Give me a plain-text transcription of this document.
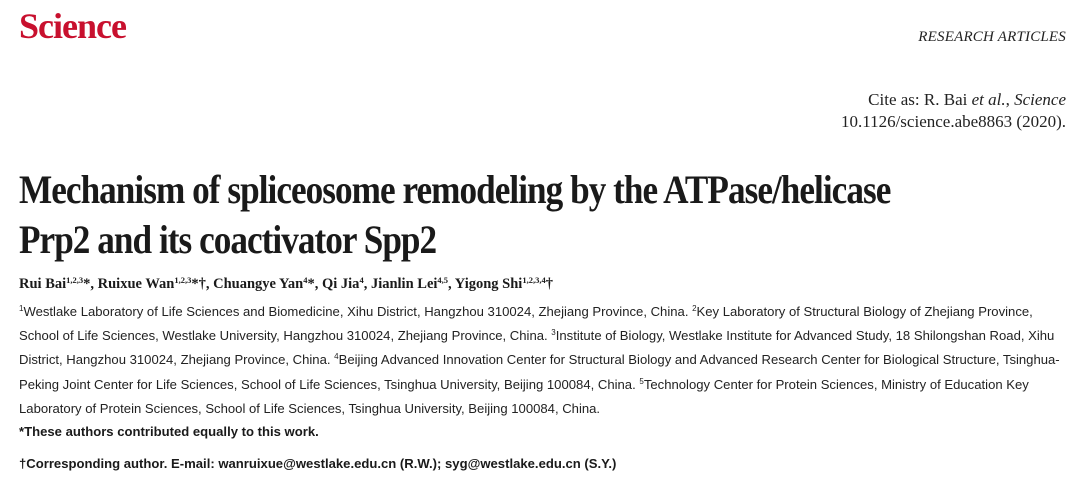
Science	RESEARCH ARTICLES
Cite as: R. Bai et al., Science
10.1126/science.abe8863 (2020).
Mechanism of spliceosome remodeling by the ATPase/helicase Prp2 and its coactivator Spp2
Rui Bai$^{1,2,3}$*, Ruixue Wan$^{1,2,3}$*†, Chuangye Yan$^4$*, Qi Jia$^4$, Jianlin Lei$^{4,5}$, Yigong Shi$^{1,2,3,4}$†
$^1$Westlake Laboratory of Life Sciences and Biomedicine, Xihu District, Hangzhou 310024, Zhejiang Province, China. $^2$Key Laboratory of Structural Biology of Zhejiang Province, School of Life Sciences, Westlake University, Hangzhou 310024, Zhejiang Province, China. $^3$Institute of Biology, Westlake Institute for Advanced Study, 18 Shilongshan Road, Xihu District, Hangzhou 310024, Zhejiang Province, China. $^4$Beijing Advanced Innovation Center for Structural Biology and Advanced Research Center for Biological Structure, Tsinghua-Peking Joint Center for Life Sciences, School of Life Sciences, Tsinghua University, Beijing 100084, China. $^5$Technology Center for Protein Sciences, Ministry of Education Key Laboratory of Protein Sciences, School of Life Sciences, Tsinghua University, Beijing 100084, China.
*These authors contributed equally to this work.
†Corresponding author. E-mail: wanruixue@westlake.edu.cn (R.W.); syg@westlake.edu.cn (S.Y.)
